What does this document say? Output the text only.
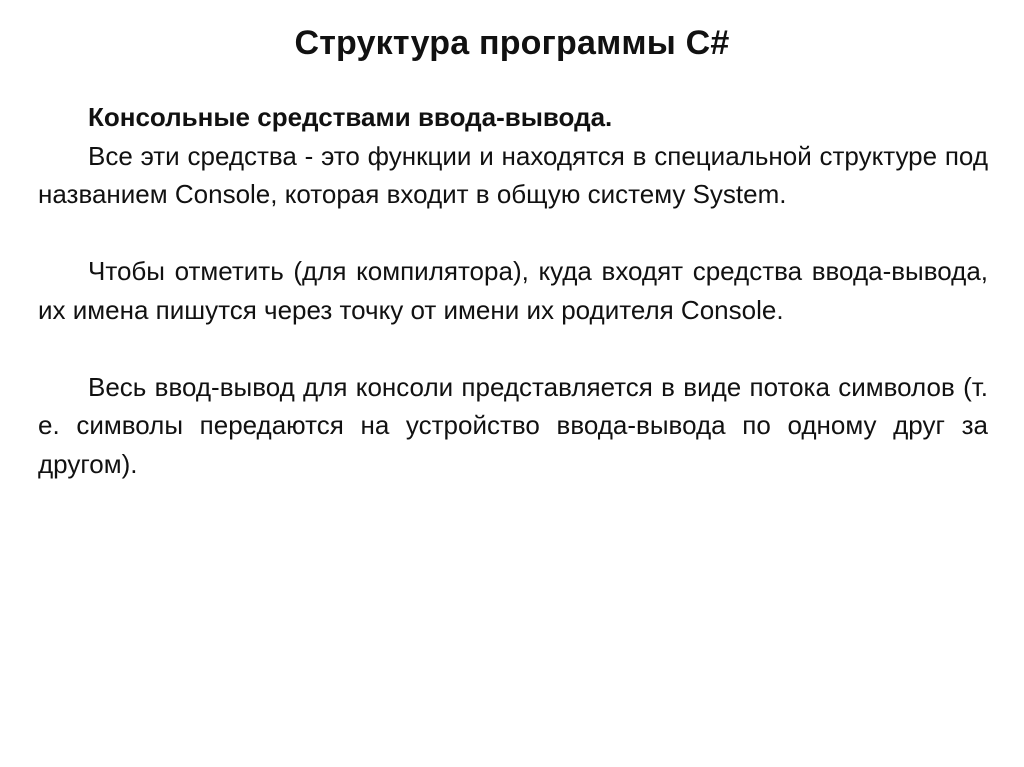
Структура программы C#

Консольные средствами ввода-вывода.

Все эти средства - это функции и находятся в специальной структуре под названием Console, которая входит в общую систему System.

Чтобы отметить (для компилятора), куда входят средства ввода-вывода, их имена пишутся через точку от имени их родителя Console.

Весь ввод-вывод для консоли представляется в виде потока символов (т. е. символы передаются на устройство ввода-вывода по одному друг за другом).
